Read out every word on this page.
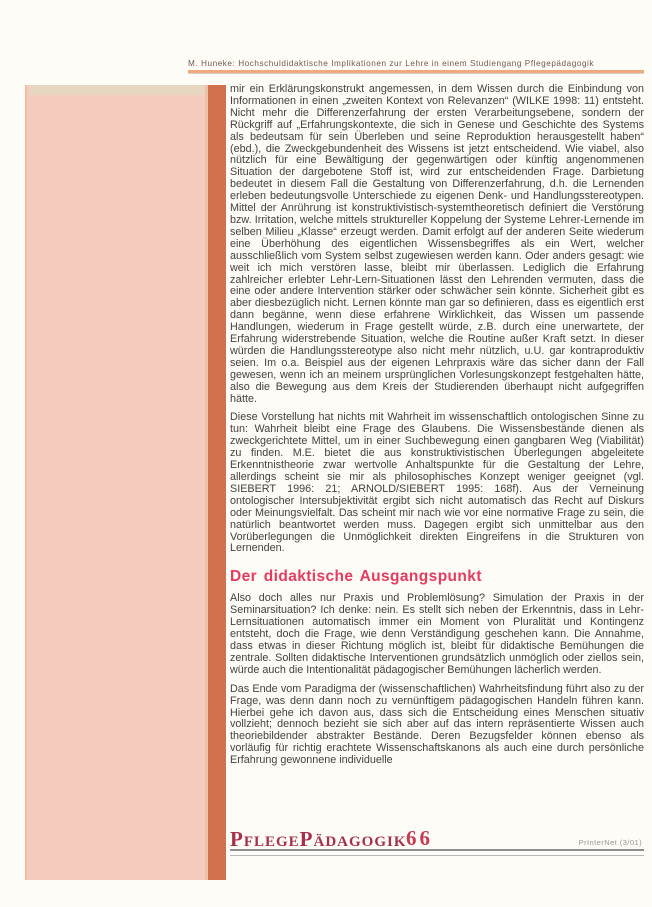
M. Huneke: Hochschuldidaktische Implikationen zur Lehre in einem Studiengang Pflegepädagogik

mir ein Erklärungskonstrukt angemessen, in dem Wissen durch die Einbindung von Informationen in einen „zweiten Kontext von Relevanzen“ (WILKE 1998: 11) entsteht. Nicht mehr die Differenzerfahrung der ersten Verarbeitungsebene, sondern der Rückgriff auf „Erfahrungskontexte, die sich in Genese und Geschichte des Systems als bedeutsam für sein Überleben und seine Reproduktion herausgestellt haben“ (ebd.), die Zweckgebundenheit des Wissens ist jetzt entscheidend. Wie viabel, also nützlich für eine Bewältigung der gegenwärtigen oder künftig angenommenen Situation der dargebotene Stoff ist, wird zur entscheidenden Frage. Darbietung bedeutet in diesem Fall die Gestaltung von Differenzerfahrung, d.h. die Lernenden erleben bedeutungsvolle Unterschiede zu eigenen Denk- und Handlungsstereotypen. Mittel der Anrührung ist konstruktivistisch-systemtheoretisch definiert die Verstörung bzw. Irritation, welche mittels struktureller Koppelung der Systeme Lehrer-Lernende im selben Milieu „Klasse“ erzeugt werden. Damit erfolgt auf der anderen Seite wiederum eine Überhöhung des eigentlichen Wissensbegriffes als ein Wert, welcher ausschließlich vom System selbst zugewiesen werden kann. Oder anders gesagt: wie weit ich mich verstören lasse, bleibt mir überlassen. Lediglich die Erfahrung zahlreicher erlebter Lehr-Lern-Situationen lässt den Lehrenden vermuten, dass die eine oder andere Intervention stärker oder schwächer sein könnte. Sicherheit gibt es aber diesbezüglich nicht. Lernen könnte man gar so definieren, dass es eigentlich erst dann begänne, wenn diese erfahrene Wirklichkeit, das Wissen um passende Handlungen, wiederum in Frage gestellt würde, z.B. durch eine unerwartete, der Erfahrung widerstrebende Situation, welche die Routine außer Kraft setzt. In dieser würden die Handlungsstereotype also nicht mehr nützlich, u.U. gar kontraproduktiv seien. Im o.a. Beispiel aus der eigenen Lehrpraxis wäre das sicher dann der Fall gewesen, wenn ich an meinem ursprünglichen Vorlesungskonzept festgehalten hätte, also die Bewegung aus dem Kreis der Studierenden überhaupt nicht aufgegriffen hätte.

Diese Vorstellung hat nichts mit Wahrheit im wissenschaftlich ontologischen Sinne zu tun: Wahrheit bleibt eine Frage des Glaubens. Die Wissensbestände dienen als zweckgerichtete Mittel, um in einer Suchbewegung einen gangbaren Weg (Viabilität) zu finden. M.E. bietet die aus konstruktivistischen Überlegungen abgeleitete Erkenntnistheorie zwar wertvolle Anhaltspunkte für die Gestaltung der Lehre, allerdings scheint sie mir als philosophisches Konzept weniger geeignet (vgl. SIEBERT 1996: 21; ARNOLD/SIEBERT 1995: 168f). Aus der Verneinung ontologischer Intersubjektivität ergibt sich nicht automatisch das Recht auf Diskurs oder Meinungsvielfalt. Das scheint mir nach wie vor eine normative Frage zu sein, die natürlich beantwortet werden muss. Dagegen ergibt sich unmittelbar aus den Vorüberlegungen die Unmöglichkeit direkten Eingreifens in die Strukturen von Lernenden.

Der didaktische Ausgangspunkt

Also doch alles nur Praxis und Problemlösung? Simulation der Praxis in der Seminarsituation? Ich denke: nein. Es stellt sich neben der Erkenntnis, dass in Lehr-Lernsituationen automatisch immer ein Moment von Pluralität und Kontingenz entsteht, doch die Frage, wie denn Verständigung geschehen kann. Die Annahme, dass etwas in dieser Richtung möglich ist, bleibt für didaktische Bemühungen die zentrale. Sollten didaktische Interventionen grundsätzlich unmöglich oder ziellos sein, würde auch die Intentionalität pädagogischer Bemühungen lächerlich werden.

Das Ende vom Paradigma der (wissenschaftlichen) Wahrheitsfindung führt also zu der Frage, was denn dann noch zu vernünftigem pädagogischen Handeln führen kann. Hierbei gehe ich davon aus, dass sich die Entscheidung eines Menschen situativ vollzieht; dennoch bezieht sie sich aber auf das intern repräsentierte Wissen auch theoriebildender abstrakter Bestände. Deren Bezugsfelder können ebenso als vorläufig für richtig erachtete Wissenschaftskanons als auch eine durch persönliche Erfahrung gewonnene individuelle

PflegePädagogik 66	PrInterNet (3/01)
